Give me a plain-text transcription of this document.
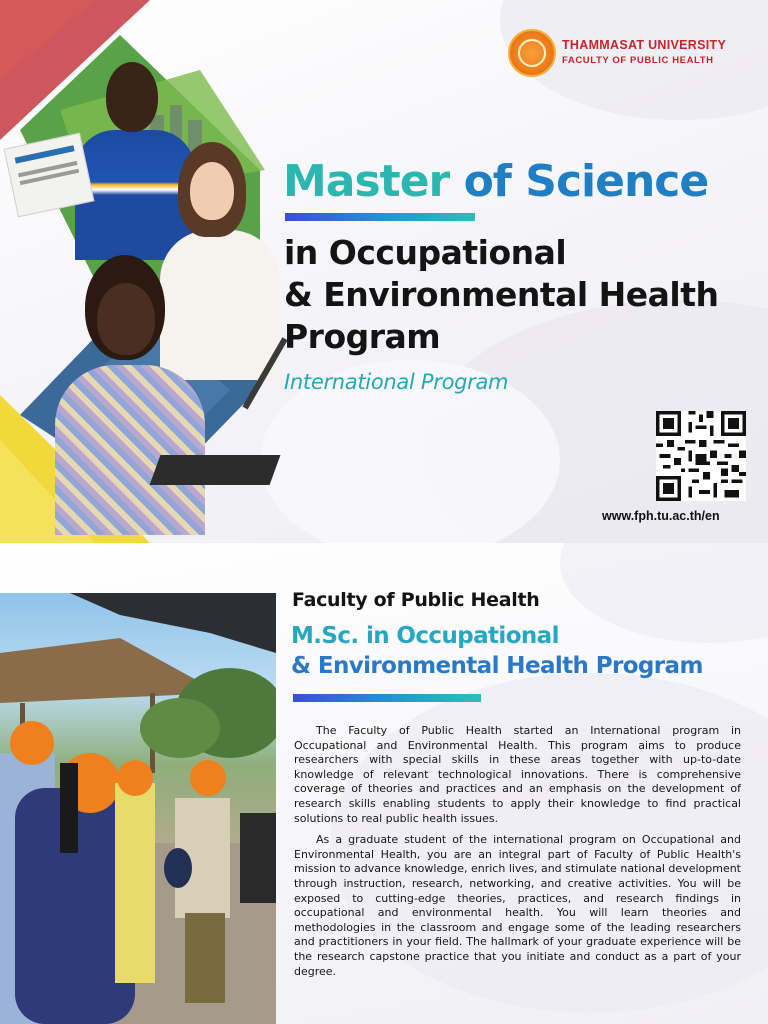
THAMMASAT UNIVERSITY
FACULTY OF PUBLIC HEALTH
Master of Science
in Occupational
& Environmental Health
Program
International Program
www.fph.tu.ac.th/en
Faculty of Public Health
M.Sc. in Occupational
& Environmental Health Program

The Faculty of Public Health started an International program in Occupational and Environmental Health. This program aims to produce researchers with special skills in these areas together with up-to-date knowledge of relevant technological innovations. There is comprehensive coverage of theories and practices and an emphasis on the development of research skills enabling students to apply their knowledge to find practical solutions to real public health issues.

As a graduate student of the international program on Occupational and Environmental Health, you are an integral part of Faculty of Public Health's mission to advance knowledge, enrich lives, and stimulate national development through instruction, research, networking, and creative activities. You will be exposed to cutting-edge theories, practices, and research findings in occupational and environmental health. You will learn theories and methodologies in the classroom and engage some of the leading researchers and practitioners in your field. The hallmark of your graduate experience will be the research capstone practice that you initiate and conduct as a part of your degree.
